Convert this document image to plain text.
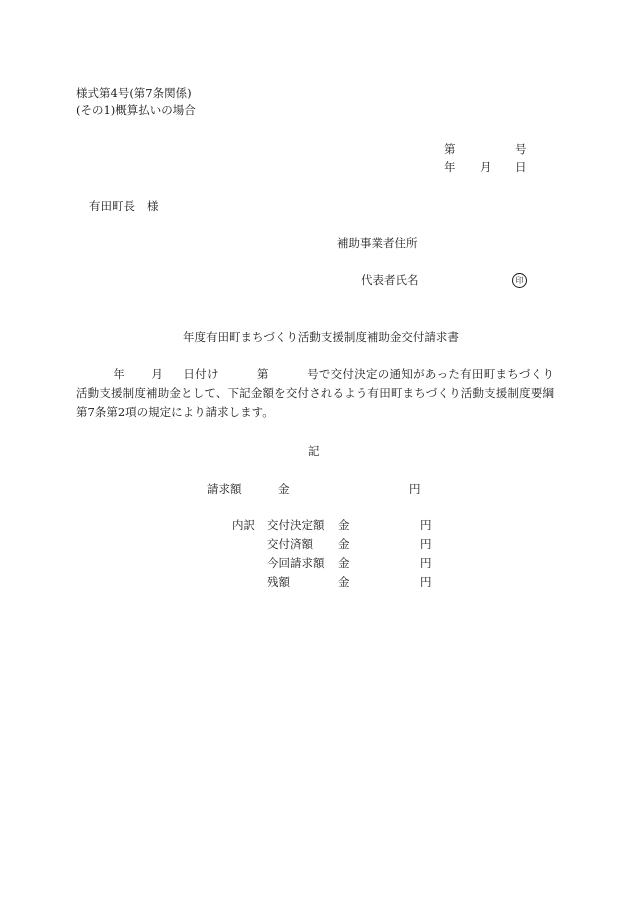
様式第4号(第7条関係)
(その1)概算払いの場合
第	号
年 月 日
有田町長 様
補助事業者住所
代表者氏名	印
年度有田町まちづくり活動支援制度補助金交付請求書
年 月 日付け	第	号で交付決定の通知があった有田町まちづくり活動支援制度補助金として、下記金額を交付されるよう有田町まちづくり活動支援制度要綱第7条第2項の規定により請求します。
記
請求額	金	円
内訳 交付決定額 金	円
交付済額 金	円
今回請求額 金	円
残額	金	円
